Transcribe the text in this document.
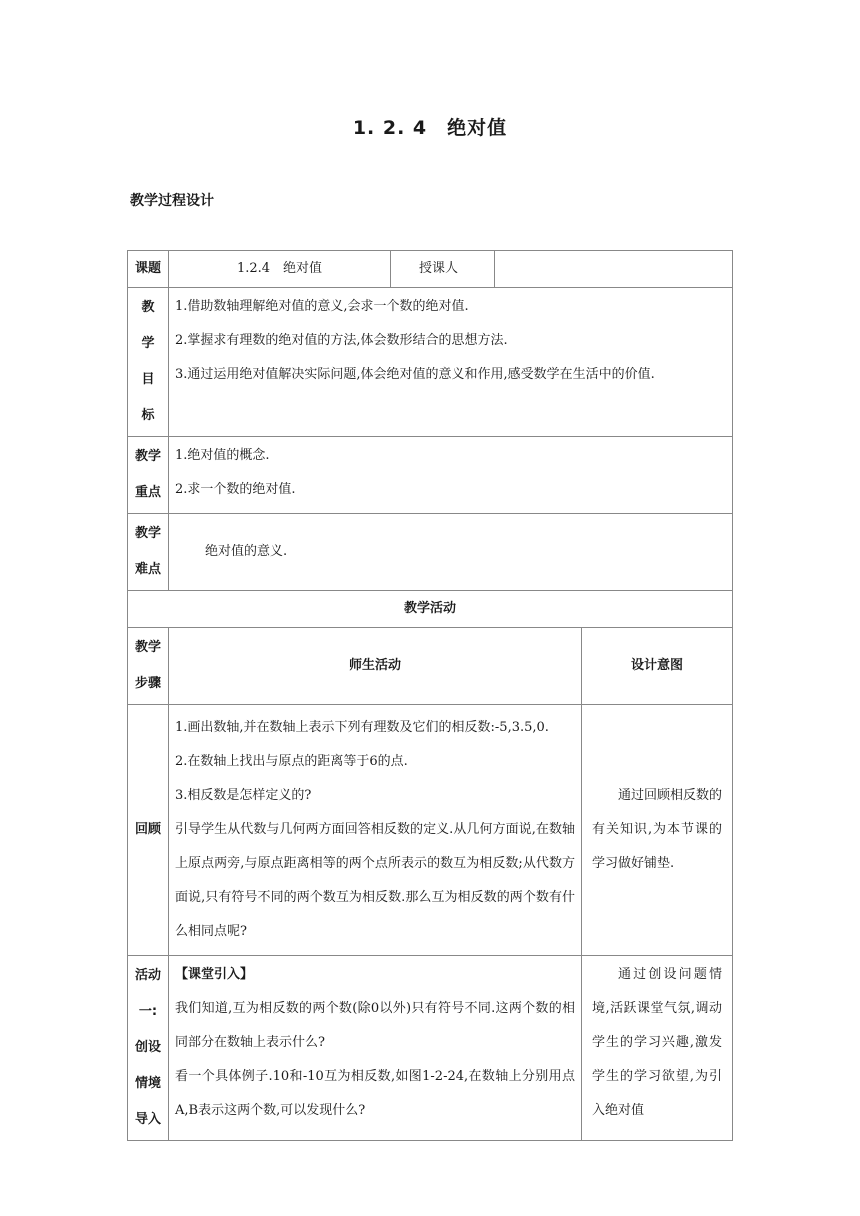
1. 2. 4　绝对值
教学过程设计
课题	1.2.4　绝对值	授课人		

教
学
目
标	1.借助数轴理解绝对值的意义,会求一个数的绝对值.
2.掌握求有理数的绝对值的方法,体会数形结合的思想方法.
3.通过运用绝对值解决实际问题,体会绝对值的意义和作用,感受数学在生活中的价值.			

教学
重点	1.绝对值的概念.
2.求一个数的绝对值.			

教学
难点	绝对值的意义.			
教学活动				

教学
步骤	师生活动			设计意图
回顾	1.画出数轴,并在数轴上表示下列有理数及它们的相反数:-5,3.5,0.
2.在数轴上找出与原点的距离等于6的点.
3.相反数是怎样定义的?
引导学生从代数与几何两方面回答相反数的定义.从几何方面说,在数轴上原点两旁,与原点距离相等的两个点所表示的数互为相反数;从代数方面说,只有符号不同的两个数互为相反数.那么互为相反数的两个数有什么相同点呢?			通过回顾相反数的有关知识,为本节课的学习做好铺垫.

活动
一:
创设
情境
导入	【课堂引入】
我们知道,互为相反数的两个数(除0以外)只有符号不同.这两个数的相同部分在数轴上表示什么?
看一个具体例子.10和-10互为相反数,如图1-2-24,在数轴上分别用点A,B表示这两个数,可以发现什么?			通过创设问题情境,活跃课堂气氛,调动学生的学习兴趣,激发学生的学习欲望,为引入绝对值
